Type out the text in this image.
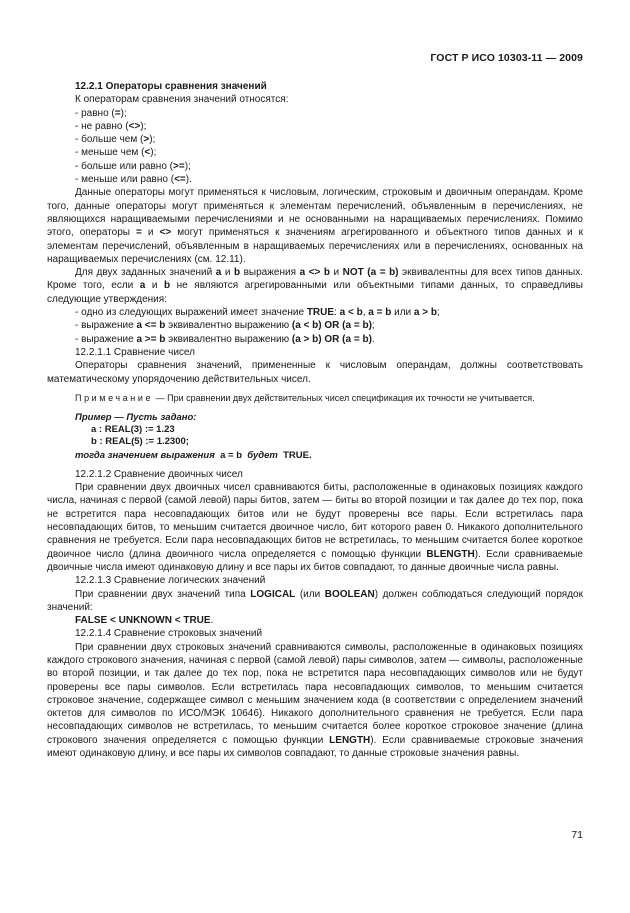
ГОСТ Р ИСО 10303-11 — 2009
12.2.1 Операторы сравнения значений
К операторам сравнения значений относятся:
- равно (=);
- не равно (<>);
- больше чем (>);
- меньше чем (<);
- больше или равно (>=);
- меньше или равно (<=).

Данные операторы могут применяться к числовым, логическим, строковым и двоичным операндам. Кроме того, данные операторы могут применяться к элементам перечислений, объявленным в перечислениях, не являющихся наращиваемыми перечислениями и не основанными на наращиваемых перечислениях. Помимо этого, операторы = и <> могут применяться к значениям агрегированного и объектного типов данных и к элементам перечислений, объявленным в наращиваемых перечислениях или в перечислениях, основанных на наращиваемых перечислениях (см. 12.11).

Для двух заданных значений a и b выражения a <> b и NOT (a = b) эквивалентны для всех типов данных. Кроме того, если a и b не являются агрегированными или объектными типами данных, то справедливы следующие утверждения:

- одно из следующих выражений имеет значение TRUE: a < b, a = b или a > b;
- выражение a <= b эквивалентно выражению (a < b) OR (a = b);
- выражение a >= b эквивалентно выражению (a > b) OR (a = b).
12.2.1.1 Сравнение чисел

Операторы сравнения значений, примененные к числовым операндам, должны соответствовать математическому упорядочению действительных чисел.

Примечание — При сравнении двух действительных чисел спецификация их точности не учитывается.

Пример — Пусть задано:
a : REAL(3) := 1.23
b : REAL(5) := 1.2300;
тогда значением выражения a = b будет TRUE.
12.2.1.2 Сравнение двоичных чисел

При сравнении двух двоичных чисел сравниваются биты, расположенные в одинаковых позициях каждого числа, начиная с первой (самой левой) пары битов, затем — биты во второй позиции и так далее до тех пор, пока не встретится пара несовпадающих битов или не будут проверены все пары. Если встретилась пара несовпадающих битов, то меньшим считается двоичное число, бит которого равен 0. Никакого дополнительного сравнения не требуется. Если пара несовпадающих битов не встретилась, то меньшим считается более короткое двоичное число (длина двоичного числа определяется с помощью функции BLENGTH). Если сравниваемые двоичные числа имеют одинаковую длину и все пары их битов совпадают, то данные двоичные числа равны.

12.2.1.3 Сравнение логических значений

При сравнении двух значений типа LOGICAL (или BOOLEAN) должен соблюдаться следующий порядок значений:

FALSE < UNKNOWN < TRUE.
12.2.1.4 Сравнение строковых значений

При сравнении двух строковых значений сравниваются символы, расположенные в одинаковых позициях каждого строкового значения, начиная с первой (самой левой) пары символов, затем — символы, расположенные во второй позиции, и так далее до тех пор, пока не встретится пара несовпадающих символов или не будут проверены все пары символов. Если встретилась пара несовпадающих символов, то меньшим считается строковое значение, содержащее символ с меньшим значением кода (в соответствии с определением значений октетов для символов по ИСО/МЭК 10646). Никакого дополнительного сравнения не требуется. Если пара несовпадающих символов не встретилась, то меньшим считается более короткое строковое значение (длина строкового значения определяется с помощью функции LENGTH). Если сравниваемые строковые значения имеют одинаковую длину, и все пары их символов совпадают, то данные строковые значения равны.

71
